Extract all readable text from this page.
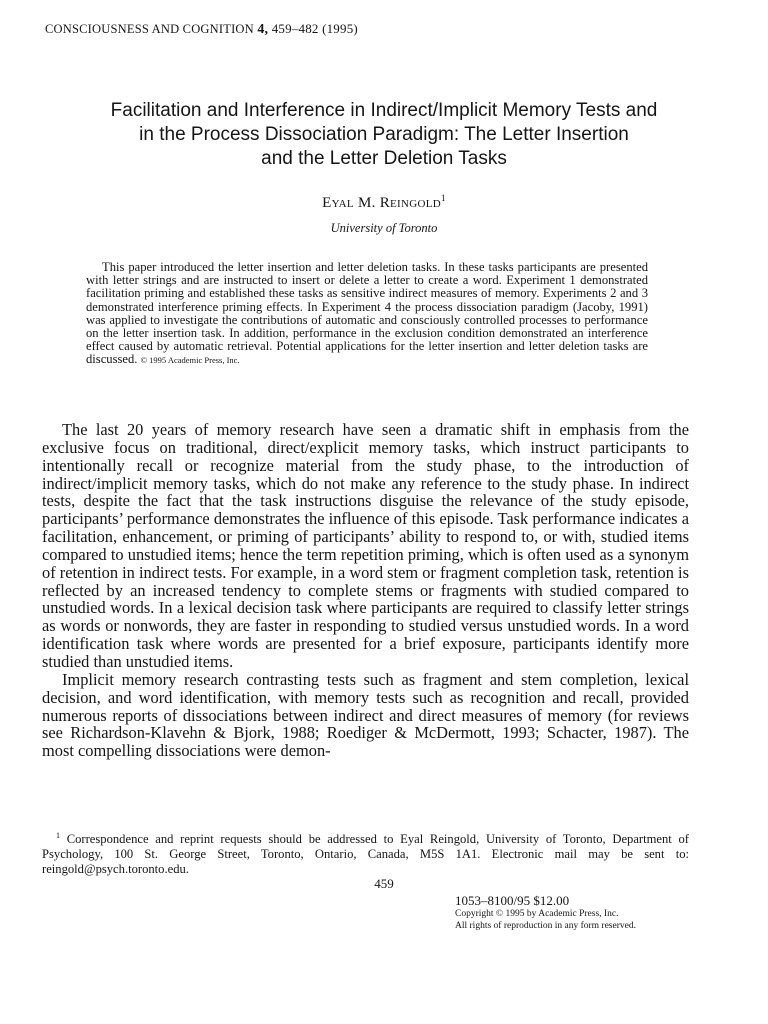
CONSCIOUSNESS AND COGNITION 4, 459–482 (1995)
Facilitation and Interference in Indirect/Implicit Memory Tests and
in the Process Dissociation Paradigm: The Letter Insertion
and the Letter Deletion Tasks
Eyal M. Reingold$^1$
University of Toronto

This paper introduced the letter insertion and letter deletion tasks. In these tasks participants are presented with letter strings and are instructed to insert or delete a letter to create a word. Experiment 1 demonstrated facilitation priming and established these tasks as sensitive indirect measures of memory. Experiments 2 and 3 demonstrated interference priming effects. In Experiment 4 the process dissociation paradigm (Jacoby, 1991) was applied to investigate the contributions of automatic and consciously controlled processes to performance on the letter insertion task. In addition, performance in the exclusion condition demonstrated an interference effect caused by automatic retrieval. Potential applications for the letter insertion and letter deletion tasks are discussed. © 1995 Academic Press, Inc.

The last 20 years of memory research have seen a dramatic shift in emphasis from the exclusive focus on traditional, direct/explicit memory tasks, which instruct participants to intentionally recall or recognize material from the study phase, to the introduction of indirect/implicit memory tasks, which do not make any reference to the study phase. In indirect tests, despite the fact that the task instructions disguise the relevance of the study episode, participants’ performance demonstrates the influence of this episode. Task performance indicates a facilitation, enhancement, or priming of participants’ ability to respond to, or with, studied items compared to unstudied items; hence the term repetition priming, which is often used as a synonym of retention in indirect tests. For example, in a word stem or fragment completion task, retention is reflected by an increased tendency to complete stems or fragments with studied compared to unstudied words. In a lexical decision task where participants are required to classify letter strings as words or nonwords, they are faster in responding to studied versus unstudied words. In a word identification task where words are presented for a brief exposure, participants identify more studied than unstudied items.

Implicit memory research contrasting tests such as fragment and stem completion, lexical decision, and word identification, with memory tests such as recognition and recall, provided numerous reports of dissociations between indirect and direct measures of memory (for reviews see Richardson-Klavehn & Bjork, 1988; Roediger & McDermott, 1993; Schacter, 1987). The most compelling dissociations were demon-

$^1$ Correspondence and reprint requests should be addressed to Eyal Reingold, University of Toronto, Department of Psychology, 100 St. George Street, Toronto, Ontario, Canada, M5S 1A1. Electronic mail may be sent to: reingold@psych.toronto.edu.

459
1053–8100/95 $12.00
Copyright © 1995 by Academic Press, Inc.
All rights of reproduction in any form reserved.
